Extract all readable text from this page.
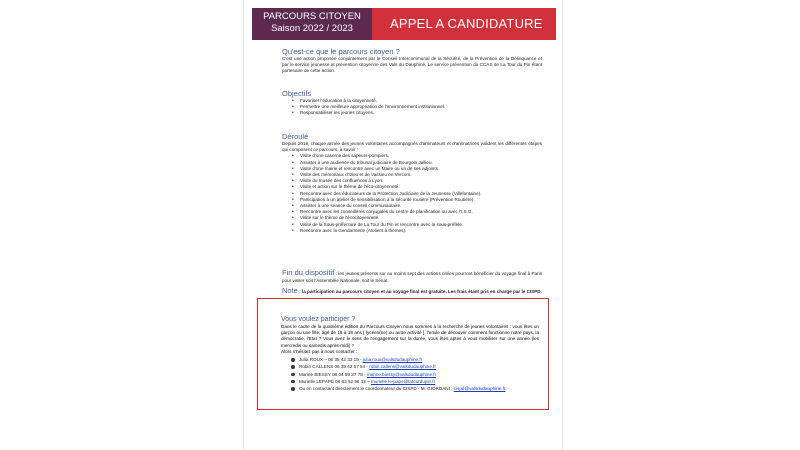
PARCOURS CITOYEN
Saison 2022 / 2023	APPEL A CANDIDATURE

Qu'est-ce que le parcours citoyen ?

C'est une action proposée conjointement par le Conseil Intercommunal de la Sécurité, de la Prévention de la Délinquance et par le service jeunesse et prévention citoyenne des Vals du Dauphiné. Le service prévention du CCAS de La Tour du Pin étant partenaire de cette action.

Objectifs

• Favoriser l'éducation à la citoyenneté.

• Permettre une meilleure appropriation de l'environnement institutionnel.

• Responsabiliser les jeunes citoyens.

Déroulé

Depuis 2018, chaque année des jeunes volontaires accompagnés d'animateurs et d'animatrices valident les différentes étapes qui composent ce parcours, à savoir :

• Visite d'une caserne des sapeurs-pompiers.

• Assister à une audience du tribunal judiciaire de Bourgoin Jallieu.

• Visite d'une mairie et rencontre avec un Maire ou un de ses adjoints.

• Visite des mémoriaux d'Izieu et de Vassieu en Vercors.

• Visite du musée des confluences à Lyon.

• Visite et action sur le thème de l'éco-citoyenneté.

• Rencontre avec des éducateurs de la Protection Judiciaire de la Jeunesse (Villefontaine).

• Participation à un atelier de sensibilisation à la sécurité routière (Prévention Routière).

• Assister à une séance du conseil communautaire.

• Rencontre avec les conseillères conjugales du centre de planification ou avec l'I.S.G.

• Visite sur le thème de l'écocitoyenneté.

• Visite de la Sous-préfecture de La Tour du Pin et rencontre avec la sous-préfète.

• Rencontre avec la Gendarmerie (Ateliers à thèmes).

Fin du dispositif : les jeunes présents sur au moins sept des actions citées pourront bénéficier du voyage final à Paris pour visiter soit l'Assemblée Nationale, soit le Sénat.

Note : la participation au parcours citoyen et au voyage final est gratuite. Les frais étant pris en charge par le CISPD.

Vous voulez participer ?

Dans le cadre de la quatrième édition du Parcours Citoyen nous sommes à la recherche de jeunes volontaires : vous êtes un garçon ou une fille, âgé de 15 à 18 ans [ lycéen(ne) ou autre activité ], l'envie de découvrir comment fonctionne notre pays, la démocratie, l'Etat ? Vous avez le sens de l'engagement sur la durée, vous êtes aptes à vous mobiliser sur une année (les mercredis ou samedis après-midi) ?

Alors n'hésitez pas à nous contacter :

Julia ROUX – 06 35 42 33 19 - julia.roux@valsdudauphine.fr

Robin CALLENS 06 35 42 57 54 - robin.callens@valsdudauphine.fr

Marine BIESSY 06 04 59 27 78 - marine.biessy@valsdudauphine.fr

Murielle LEPAPE 06 83 52 96 12 – murielle.le-pape@latourdupin.fr

Ou en contactant directement le coordonnateur du CISPD - M. GIORDANI : cispd@valsdudauphine.fr
